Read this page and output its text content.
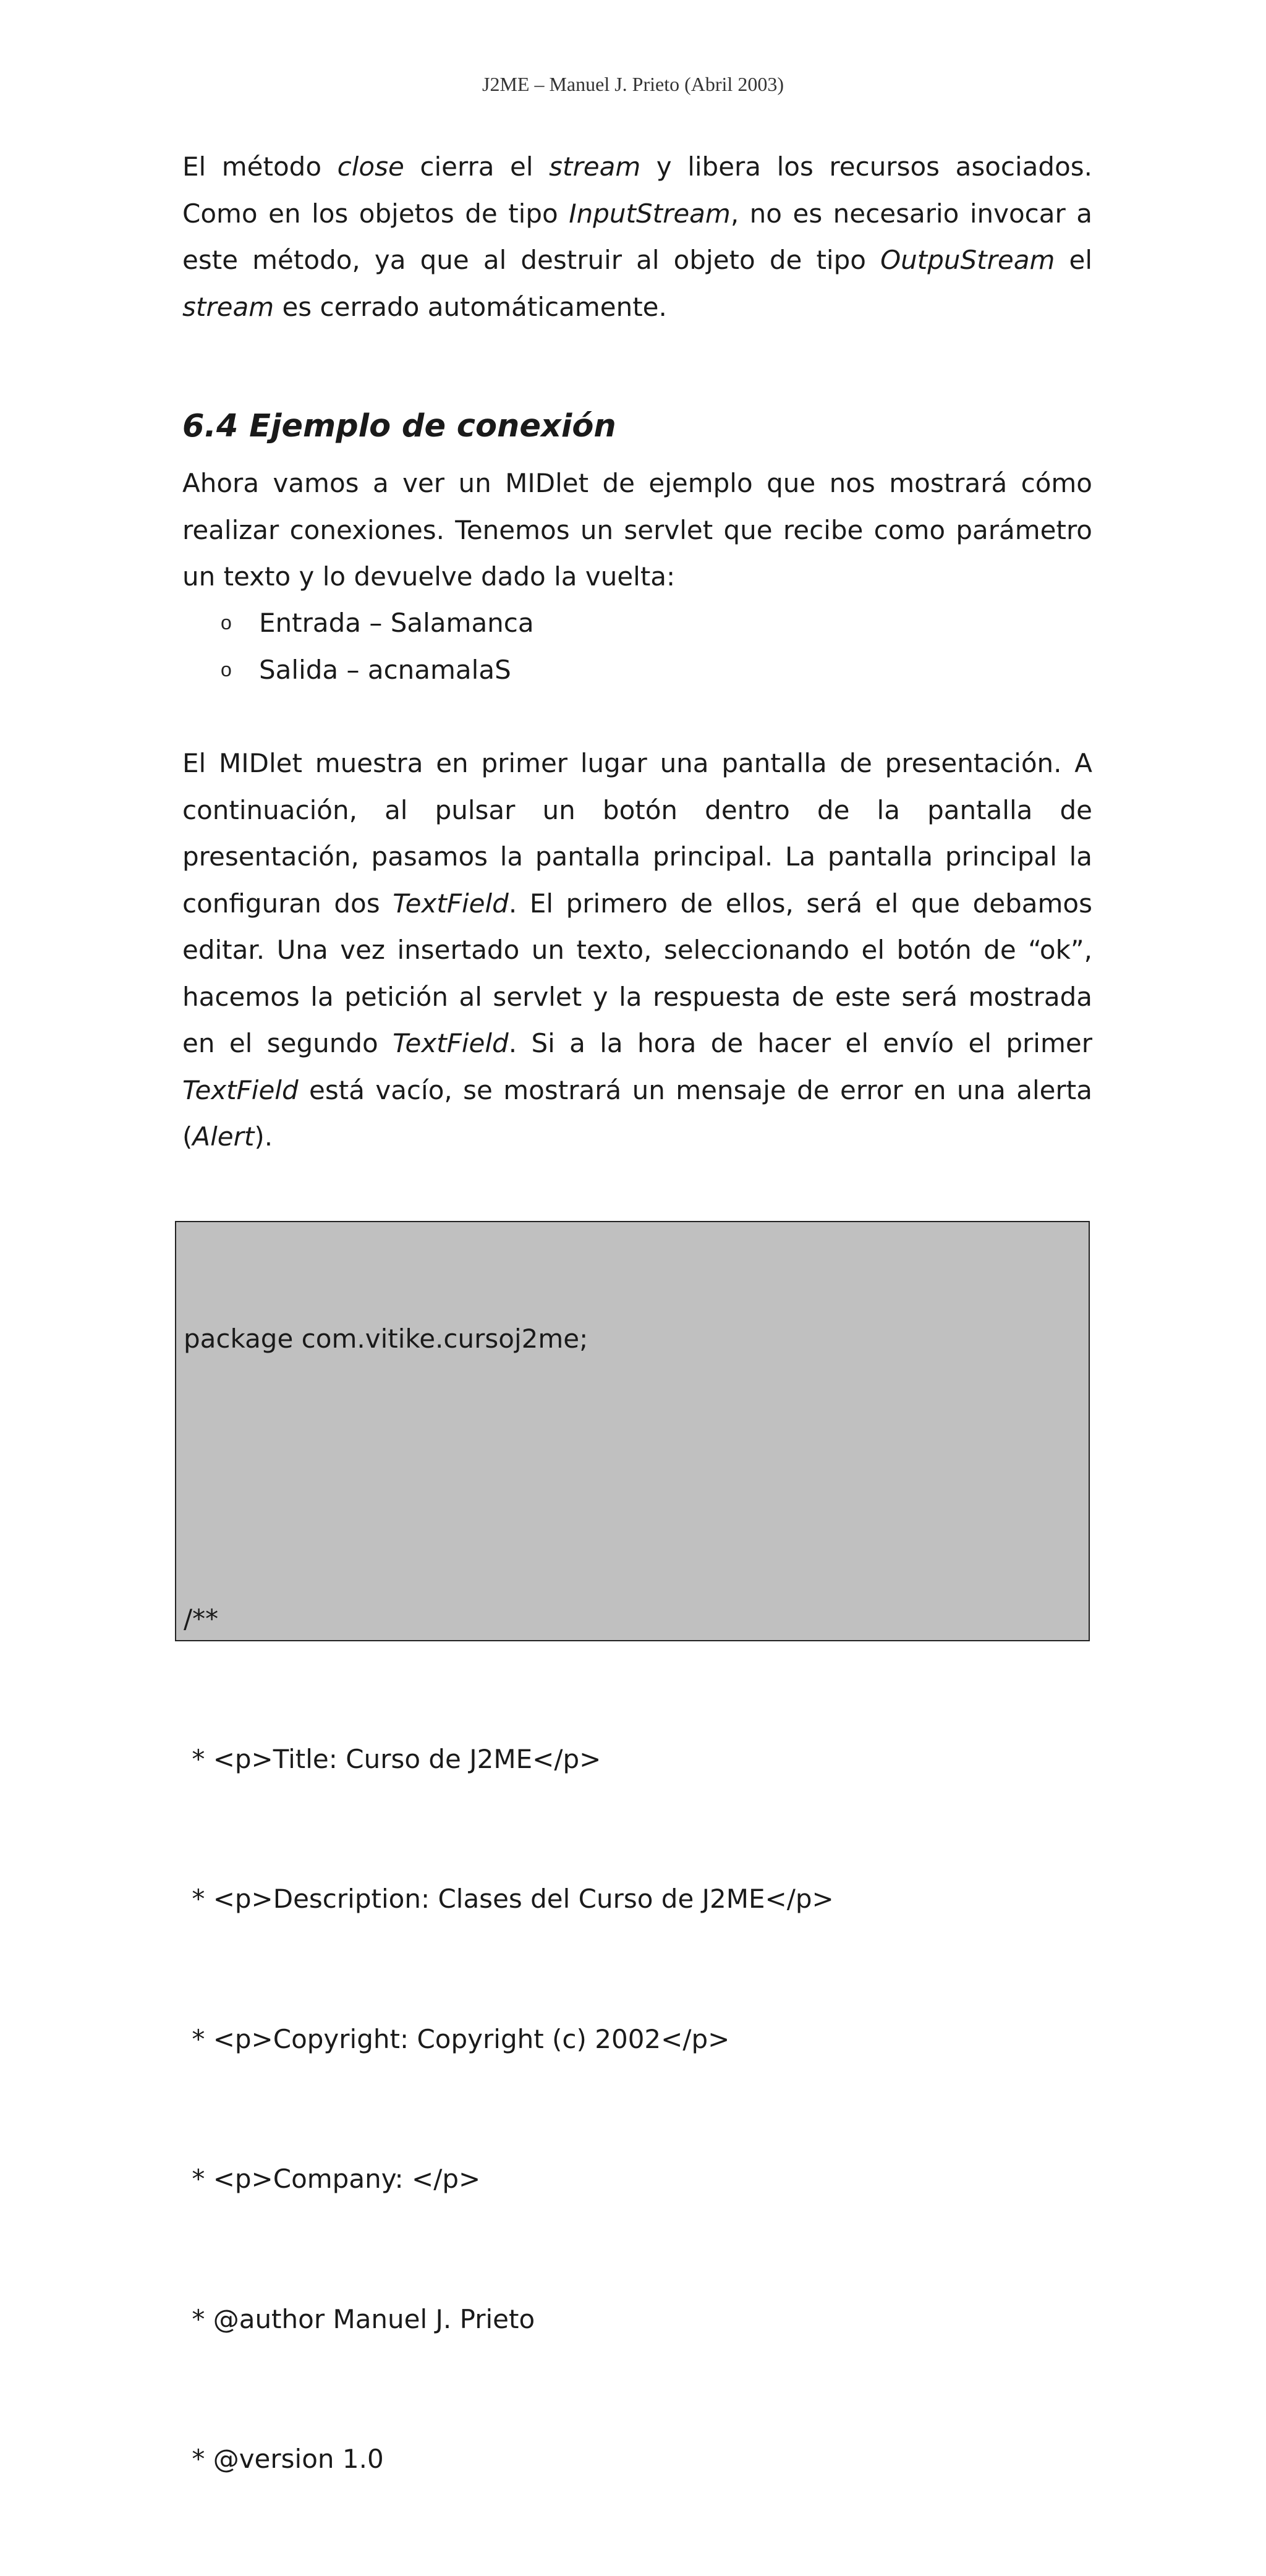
J2ME – Manuel J. Prieto (Abril 2003)

El método close cierra el stream y libera los recursos asociados. Como en los objetos de tipo InputStream, no es necesario invocar a este método, ya que al destruir al objeto de tipo OutpuStream el stream es cerrado automáticamente.

6.4 Ejemplo de conexión

Ahora vamos a ver un MIDlet de ejemplo que nos mostrará cómo realizar conexiones. Tenemos un servlet que recibe como parámetro un texto y lo devuelve dado la vuelta:

o Entrada – Salamanca
o Salida – acnamalaS

El MIDlet muestra en primer lugar una pantalla de presentación. A continuación, al pulsar un botón dentro de la pantalla de presentación, pasamos la pantalla principal. La pantalla principal la configuran dos TextField. El primero de ellos, será el que debamos editar. Una vez insertado un texto, seleccionando el botón de “ok”, hacemos la petición al servlet y la respuesta de este será mostrada en el segundo TextField. Si a la hora de hacer el envío el primer TextField está vacío, se mostrará un mensaje de error en una alerta (Alert).

package com.vitike.cursoj2me;

/**

* <p>Title: Curso de J2ME</p>

* <p>Description: Clases del Curso de J2ME</p>

* <p>Copyright: Copyright (c) 2002</p>

* <p>Company: </p>

* @author Manuel J. Prieto

* @version 1.0
